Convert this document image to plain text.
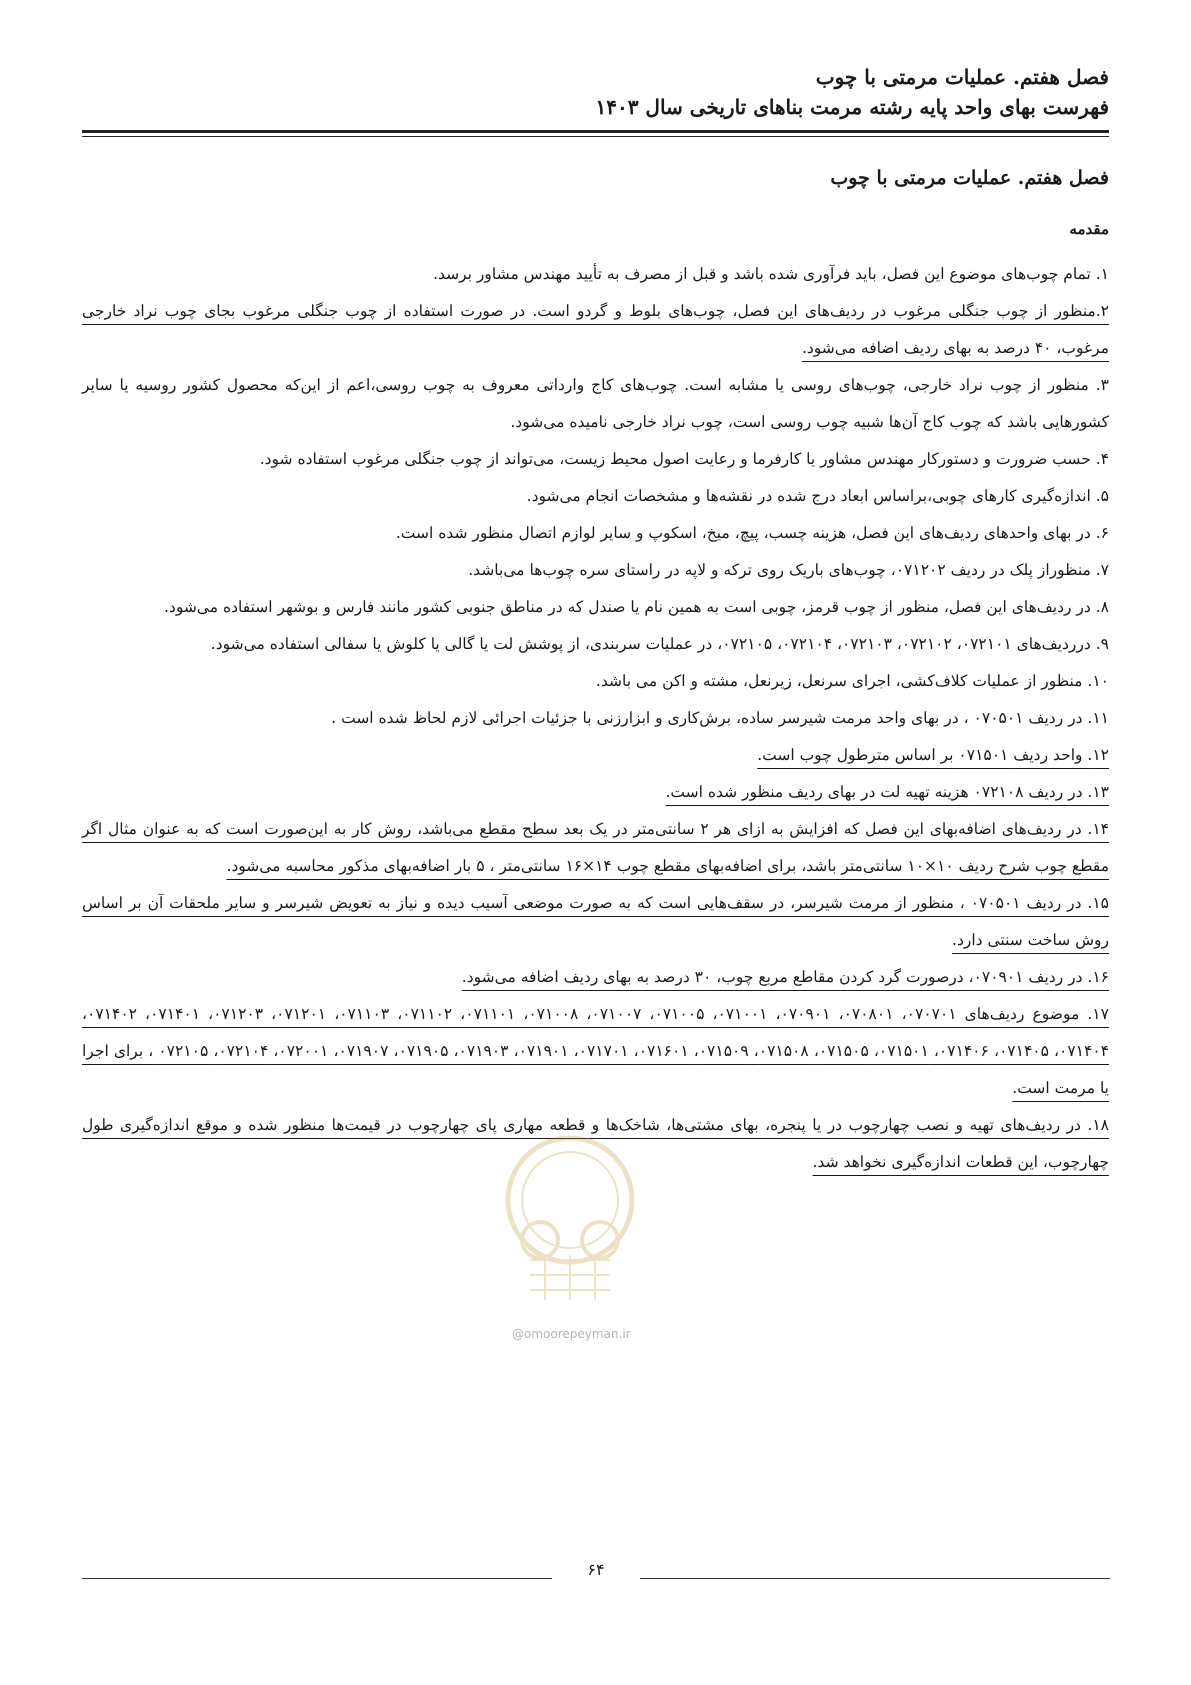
فصل هفتم. عملیات مرمتی با چوب
فهرست بهای واحد پایه رشته مرمت بناهای تاریخی سال ۱۴۰۳
فصل هفتم. عملیات مرمتی با چوب
مقدمه

۱. تمام چوب‌های موضوع این فصل، باید فرآوری شده باشد و قبل از مصرف به تأیید مهندس مشاور برسد.

۲.منظور از چوب جنگلی مرغوب در ردیف‌های این فصل، چوب‌های بلوط و گردو است. در صورت استفاده از چوب جنگلی مرغوب بجای چوب نراد خارجی مرغوب، ۴۰ درصد به بهای ردیف اضافه می‌شود.

۳. منظور از چوب نراد خارجی، چوب‌های روسی یا مشابه است. چوب‌های کاج وارداتی معروف به چوب روسی،اعم از این‌که محصول کشور روسیه یا سایر کشورهایی باشد که چوب کاج آن‌ها شبیه چوب روسی است، چوب نراد خارجی نامیده می‌شود.

۴. حسب ضرورت و دستورکار مهندس مشاور یا کارفرما و رعایت اصول محیط زیست، می‌تواند از چوب جنگلی مرغوب استفاده شود.

۵. اندازه‌گیری کارهای چوبی،براساس ابعاد درج شده در نقشه‌ها و مشخصات انجام می‌شود.

۶. در بهای واحدهای ردیف‌های این فصل، هزینه چسب، پیچ، میخ، اسکوپ و سایر لوازم اتصال منظور شده است.

۷. منظوراز پلک در ردیف ۰۷۱۲۰۲، چوب‌های باریک روی ترکه و لاپه در راستای سره چوب‌ها می‌باشد.

۸. در ردیف‌های این فصل، منظور از چوب قرمز، چوبی است به همین نام یا صندل که در مناطق جنوبی کشور مانند فارس و بوشهر استفاده می‌شود.

۹. درردیف‌های ۰۷۲۱۰۱، ۰۷۲۱۰۲، ۰۷۲۱۰۳، ۰۷۲۱۰۴، ۰۷۲۱۰۵، در عملیات سربندی، از پوشش لت یا گالی یا کلوش یا سفالی استفاده می‌شود.

۱۰. منظور از عملیات کلاف‌کشی، اجرای سرنعل، زیرنعل، مشته و اکن می باشد.

۱۱. در ردیف ۰۷۰۵۰۱ ، در بهای واحد مرمت شیرسر ساده، برش‌کاری و ابزارزنی با جزئیات اجرائی لازم لحاظ شده است .

۱۲. واحد ردیف ۰۷۱۵۰۱ بر اساس مترطول چوب است.

۱۳. در ردیف ۰۷۲۱۰۸ هزینه تهیه لت در بهای ردیف منظور شده است.

۱۴. در ردیف‌های اضافه‌بهای این فصل که افزایش به ازای هر ۲ سانتی‌متر در یک بعد سطح مقطع می‌باشد، روش کار به این‌صورت است که به عنوان مثال اگر مقطع چوب شرح ردیف ۱۰×۱۰ سانتی‌متر باشد، برای اضافه‌بهای مقطع چوب ۱۴×۱۶ سانتی‌متر ، ۵ بار اضافه‌بهای مذکور محاسبه می‌شود.

۱۵. در ردیف ۰۷۰۵۰۱ ، منظور از مرمت شیرسر، در سقف‌هایی است که به صورت موضعی آسیب دیده و نیاز به تعویض شیرسر و سایر ملحقات آن بر اساس روش ساخت سنتی دارد.

۱۶. در ردیف ۰۷۰۹۰۱، درصورت گرد کردن مقاطع مربع چوب، ۳۰ درصد به بهای ردیف اضافه می‌شود.

۱۷. موضوع ردیف‌های ۰۷۰۷۰۱، ۰۷۰۸۰۱، ۰۷۰۹۰۱، ۰۷۱۰۰۱، ۰۷۱۰۰۵، ۰۷۱۰۰۷، ۰۷۱۰۰۸، ۰۷۱۱۰۱، ۰۷۱۱۰۲، ۰۷۱۱۰۳، ۰۷۱۲۰۱، ۰۷۱۲۰۳، ۰۷۱۴۰۱، ۰۷۱۴۰۲، ۰۷۱۴۰۴، ۰۷۱۴۰۵، ۰۷۱۴۰۶، ۰۷۱۵۰۱، ۰۷۱۵۰۵، ۰۷۱۵۰۸، ۰۷۱۵۰۹، ۰۷۱۶۰۱، ۰۷۱۷۰۱، ۰۷۱۹۰۱، ۰۷۱۹۰۳، ۰۷۱۹۰۵، ۰۷۱۹۰۷، ۰۷۲۰۰۱، ۰۷۲۱۰۴، ۰۷۲۱۰۵ ، برای اجرا یا مرمت است.

۱۸. در ردیف‌های تهیه و نصب چهارچوب در یا پنجره، بهای مشتی‌ها، شاخک‌ها و قطعه مهاری پای چهارچوب در قیمت‌ها منظور شده و موقع اندازه‌گیری طول چهارچوب، این قطعات اندازه‌گیری نخواهد شد.

@omoorepeyman.ir
۶۴
